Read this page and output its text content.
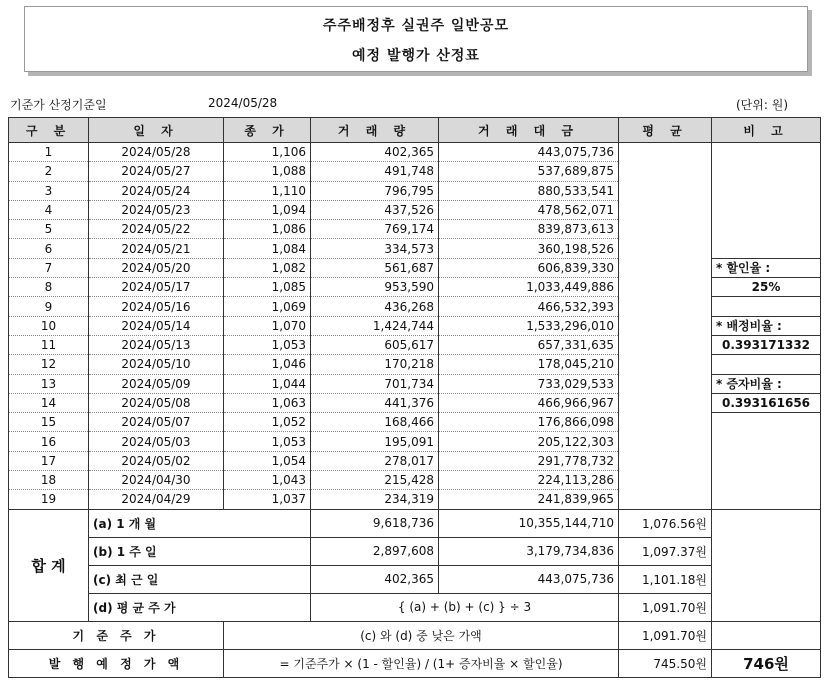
주주배정후 실권주 일반공모
예정 발행가 산정표
기준가 산정기준일	2024/05/28	(단위: 원)
구 분	일 자	종 가	거 래 량	거 래 대 금	평 균	비 고
1	2024/05/28	1,106	402,365	443,075,736		
2	2024/05/27	1,088	491,748	537,689,875		
3	2024/05/24	1,110	796,795	880,533,541		
4	2024/05/23	1,094	437,526	478,562,071		
5	2024/05/22	1,086	769,174	839,873,613		
6	2024/05/21	1,084	334,573	360,198,526		
7	2024/05/20	1,082	561,687	606,839,330		* 할인율 :
8	2024/05/17	1,085	953,590	1,033,449,886		25%
9	2024/05/16	1,069	436,268	466,532,393		
10	2024/05/14	1,070	1,424,744	1,533,296,010		* 배정비율 :
11	2024/05/13	1,053	605,617	657,331,635		0.393171332
12	2024/05/10	1,046	170,218	178,045,210		
13	2024/05/09	1,044	701,734	733,029,533		* 증자비율 :
14	2024/05/08	1,063	441,376	466,966,967		0.393161656
15	2024/05/07	1,052	168,466	176,866,098		
16	2024/05/03	1,053	195,091	205,122,303		
17	2024/05/02	1,054	278,017	291,778,732		
18	2024/04/30	1,043	215,428	224,113,286		
19	2024/04/29	1,037	234,319	241,839,965		
합 계	(a) 1 개 월		9,618,736	10,355,144,710	1,076.56원	
	(b) 1 주 일		2,897,608	3,179,734,836	1,097.37원	
	(c) 최 근 일		402,365	443,075,736	1,101.18원	
	(d) 평 균 주 가		{ (a) + (b) + (c) } ÷ 3		1,091.70원	
기 준 주 가		(c) 와 (d) 중 낮은 가액			1,091.70원	
발 행 예 정 가 액		= 기준주가 × (1 - 할인율) / (1+ 증자비율 × 할인율)			745.50원	746원
